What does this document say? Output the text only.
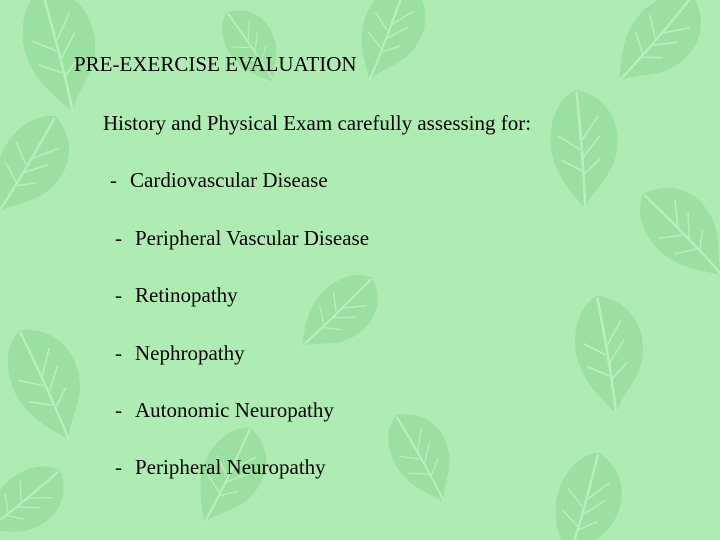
PRE-EXERCISE EVALUATION
History and Physical Exam carefully assessing for:
- Cardiovascular Disease
- Peripheral Vascular Disease
- Retinopathy
- Nephropathy
- Autonomic Neuropathy
- Peripheral Neuropathy
